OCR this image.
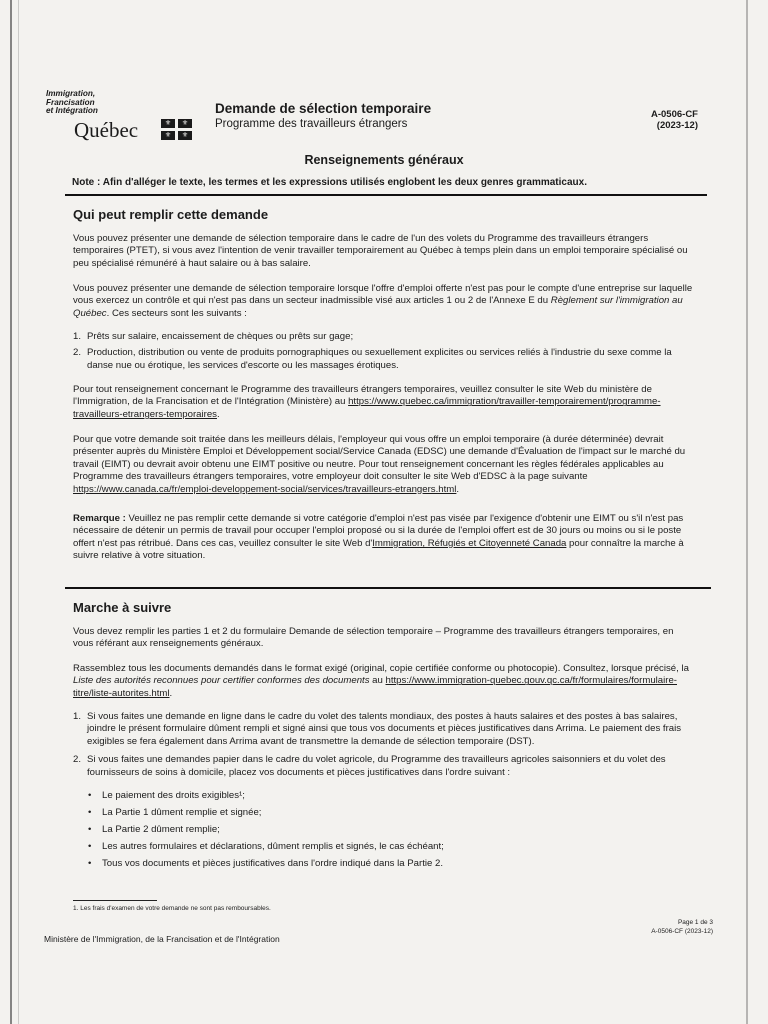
Immigration,
Francisation
et Intégration
Québec	⚜	⚜
⚜	⚜
Demande de sélection temporaire
Programme des travailleurs étrangers
A-0506-CF
(2023-12)
Renseignements généraux
Note : Afin d'alléger le texte, les termes et les expressions utilisés englobent les deux genres grammaticaux.
Qui peut remplir cette demande

Vous pouvez présenter une demande de sélection temporaire dans le cadre de l'un des volets du Programme des travailleurs étrangers temporaires (PTET), si vous avez l'intention de venir travailler temporairement au Québec à temps plein dans un emploi temporaire spécialisé ou peu spécialisé rémunéré à haut salaire ou à bas salaire.

Vous pouvez présenter une demande de sélection temporaire lorsque l'offre d'emploi offerte n'est pas pour le compte d'une entreprise sur laquelle vous exercez un contrôle et qui n'est pas dans un secteur inadmissible visé aux articles 1 ou 2 de l'Annexe E du Règlement sur l'immigration au Québec. Ces secteurs sont les suivants :

1. Prêts sur salaire, encaissement de chèques ou prêts sur gage;
2. Production, distribution ou vente de produits pornographiques ou sexuellement explicites ou services reliés à l'industrie du sexe comme la danse nue ou érotique, les services d'escorte ou les massages érotiques.

Pour tout renseignement concernant le Programme des travailleurs étrangers temporaires, veuillez consulter le site Web du ministère de l'Immigration, de la Francisation et de l'Intégration (Ministère) au https://www.quebec.ca/immigration/travailler-temporairement/programme-travailleurs-etrangers-temporaires.

Pour que votre demande soit traitée dans les meilleurs délais, l'employeur qui vous offre un emploi temporaire (à durée déterminée) devrait présenter auprès du Ministère Emploi et Développement social/Service Canada (EDSC) une demande d'Évaluation de l'impact sur le marché du travail (EIMT) ou devrait avoir obtenu une EIMT positive ou neutre. Pour tout renseignement concernant les règles fédérales applicables au Programme des travailleurs étrangers temporaires, votre employeur doit consulter le site Web d'EDSC à la page suivante https://www.canada.ca/fr/emploi-developpement-social/services/travailleurs-etrangers.html.

Remarque : Veuillez ne pas remplir cette demande si votre catégorie d'emploi n'est pas visée par l'exigence d'obtenir une EIMT ou s'il n'est pas nécessaire de détenir un permis de travail pour occuper l'emploi proposé ou si la durée de l'emploi offert est de 30 jours ou moins ou si le poste offert n'est pas rétribué. Dans ces cas, veuillez consulter le site Web d'Immigration, Réfugiés et Citoyenneté Canada pour connaître la marche à suivre relative à votre situation.

Marche à suivre

Vous devez remplir les parties 1 et 2 du formulaire Demande de sélection temporaire – Programme des travailleurs étrangers temporaires, en vous référant aux renseignements généraux.

Rassemblez tous les documents demandés dans le format exigé (original, copie certifiée conforme ou photocopie). Consultez, lorsque précisé, la Liste des autorités reconnues pour certifier conformes des documents au https://www.immigration-quebec.gouv.qc.ca/fr/formulaires/formulaire-titre/liste-autorites.html.

1. Si vous faites une demande en ligne dans le cadre du volet des talents mondiaux, des postes à hauts salaires et des postes à bas salaires, joindre le présent formulaire dûment rempli et signé ainsi que tous vos documents et pièces justificatives dans Arrima. Le paiement des frais exigibles se fera également dans Arrima avant de transmettre la demande de sélection temporaire (DST).
2. Si vous faites une demandes papier dans le cadre du volet agricole, du Programme des travailleurs agricoles saisonniers et du volet des fournisseurs de soins à domicile, placez vos documents et pièces justificatives dans l'ordre suivant :
• Le paiement des droits exigibles¹;
• La Partie 1 dûment remplie et signée;
• La Partie 2 dûment remplie;
• Les autres formulaires et déclarations, dûment remplis et signés, le cas échéant;
• Tous vos documents et pièces justificatives dans l'ordre indiqué dans la Partie 2.
1. Les frais d'examen de votre demande ne sont pas remboursables.
Page 1 de 3
A-0506-CF (2023-12)
Ministère de l'Immigration, de la Francisation et de l'Intégration
